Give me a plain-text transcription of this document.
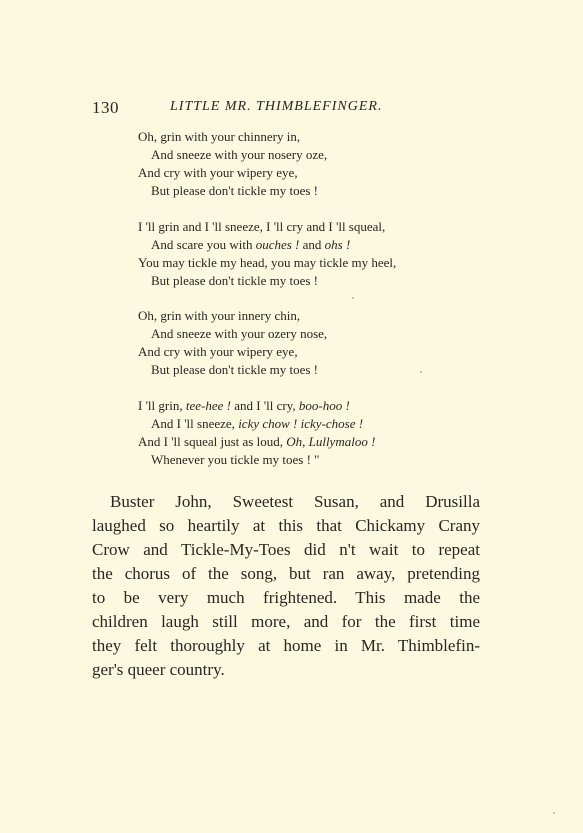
130	LITTLE MR. THIMBLEFINGER.
Oh, grin with your chinnery in,
And sneeze with your nosery oze,
And cry with your wipery eye,
But please don't tickle my toes !
I 'll grin and I 'll sneeze, I 'll cry and I 'll squeal,
And scare you with ouches ! and ohs !
You may tickle my head, you may tickle my heel,
But please don't tickle my toes !
Oh, grin with your innery chin,
And sneeze with your ozery nose,
And cry with your wipery eye,
But please don't tickle my toes !
I 'll grin, tee-hee ! and I 'll cry, boo-hoo !
And I 'll sneeze, icky chow ! icky-chose !
And I 'll squeal just as loud, Oh, Lullymaloo !
Whenever you tickle my toes ! "
Buster John, Sweetest Susan, and Drusilla
laughed so heartily at this that Chickamy Crany
Crow and Tickle-My-Toes did n't wait to repeat
the chorus of the song, but ran away, pretending
to be very much frightened. This made the
children laugh still more, and for the first time
they felt thoroughly at home in Mr. Thimblefin-
ger's queer country.
